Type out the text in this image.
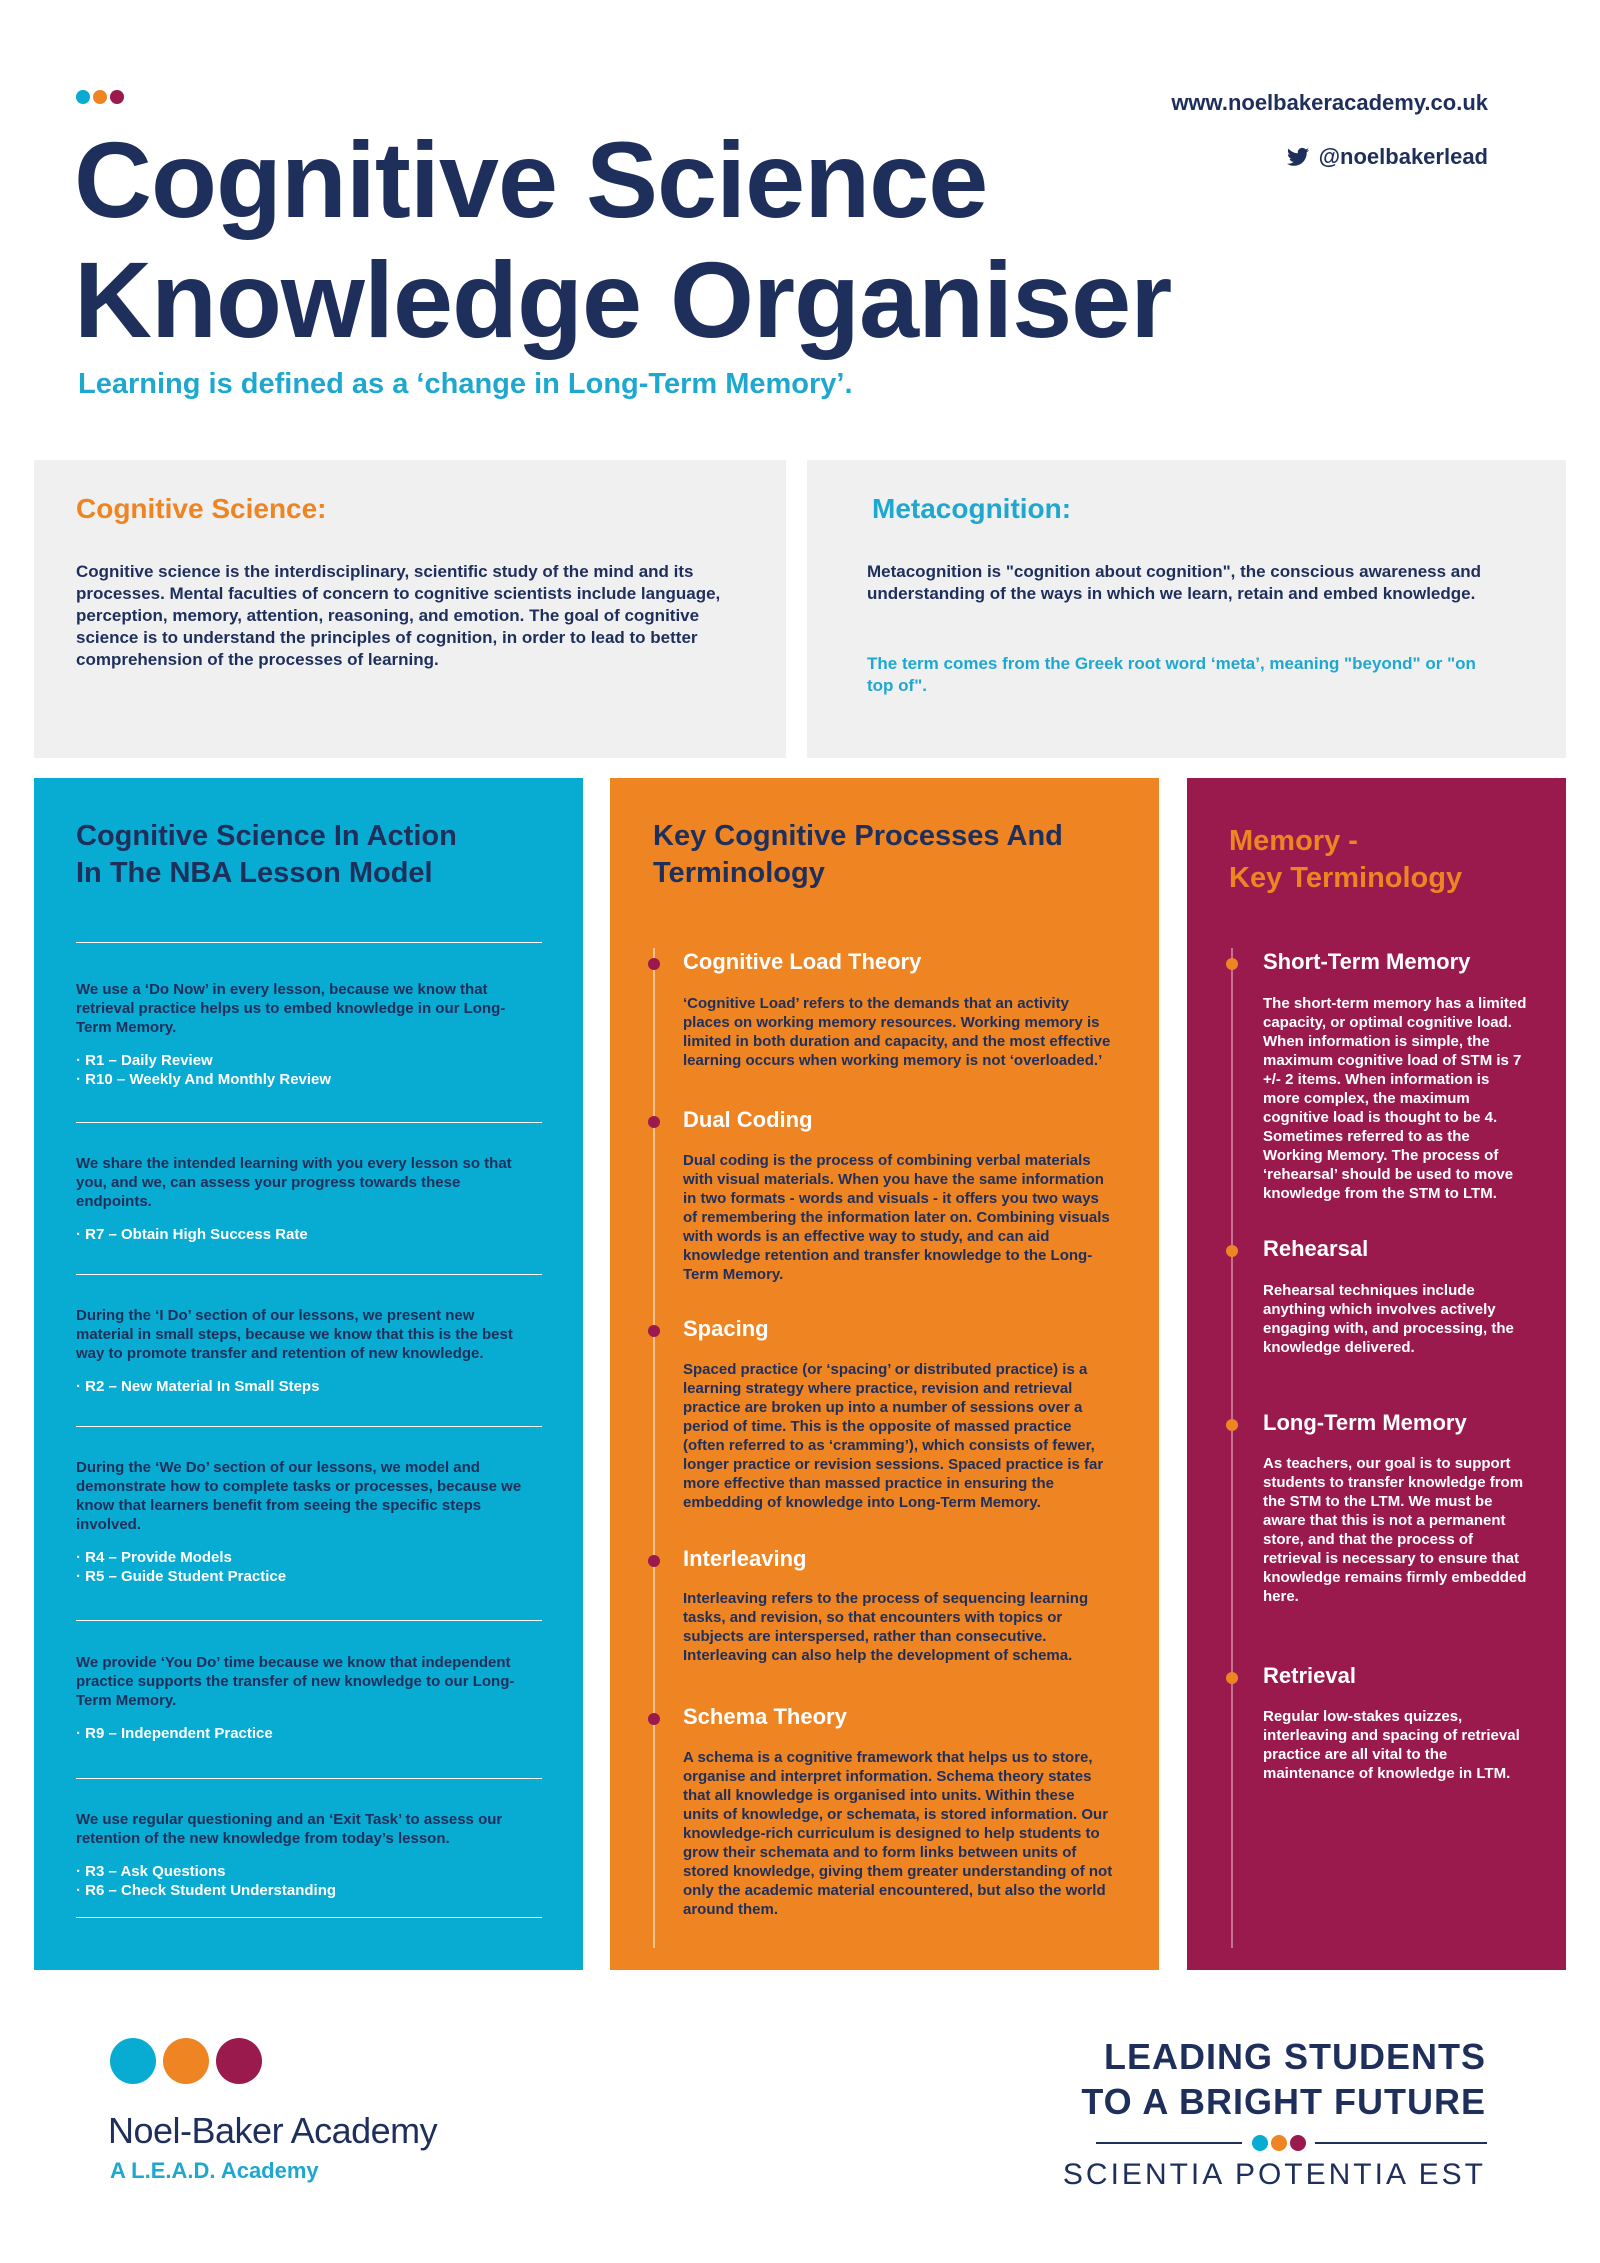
Cognitive Science
Knowledge Organiser
Learning is defined as a ‘change in Long-Term Memory’.
www.noelbakeracademy.co.uk
@noelbakerlead
Cognitive Science:

Cognitive science is the interdisciplinary, scientific study of the mind and its processes. Mental faculties of concern to cognitive scientists include language, perception, memory, attention, reasoning, and emotion. The goal of cognitive science is to understand the principles of cognition, in order to lead to better comprehension of the processes of learning.

Metacognition:

Metacognition is "cognition about cognition", the conscious awareness and understanding of the ways in which we learn, retain and embed knowledge.

The term comes from the Greek root word ‘meta’, meaning "beyond" or "on top of".

Cognitive Science In Action
In The NBA Lesson Model

We use a ‘Do Now’ in every lesson, because we know that retrieval practice helps us to embed knowledge in our Long-Term Memory.

· R1 – Daily Review
· R10 – Weekly And Monthly Review

We share the intended learning with you every lesson so that you, and we, can assess your progress towards these endpoints.

· R7 – Obtain High Success Rate

During the ‘I Do’ section of our lessons, we present new material in small steps, because we know that this is the best way to promote transfer and retention of new knowledge.

· R2 – New Material In Small Steps

During the ‘We Do’ section of our lessons, we model and demonstrate how to complete tasks or processes, because we know that learners benefit from seeing the specific steps involved.

· R4 – Provide Models
· R5 – Guide Student Practice

We provide ‘You Do’ time because we know that independent practice supports the transfer of new knowledge to our Long-Term Memory.

· R9 – Independent Practice

We use regular questioning and an ‘Exit Task’ to assess our retention of the new knowledge from today’s lesson.

· R3 – Ask Questions
· R6 – Check Student Understanding
Key Cognitive Processes And
Terminology
Cognitive Load Theory

‘Cognitive Load’ refers to the demands that an activity places on working memory resources. Working memory is limited in both duration and capacity, and the most effective learning occurs when working memory is not ‘overloaded.’

Dual Coding

Dual coding is the process of combining verbal materials with visual materials. When you have the same information in two formats - words and visuals - it offers you two ways of remembering the information later on. Combining visuals with words is an effective way to study, and can aid knowledge retention and transfer knowledge to the Long-Term Memory.

Spacing

Spaced practice (or ‘spacing’ or distributed practice) is a learning strategy where practice, revision and retrieval practice are broken up into a number of sessions over a period of time. This is the opposite of massed practice (often referred to as ‘cramming’), which consists of fewer, longer practice or revision sessions. Spaced practice is far more effective than massed practice in ensuring the embedding of knowledge into Long-Term Memory.

Interleaving

Interleaving refers to the process of sequencing learning tasks, and revision, so that encounters with topics or subjects are interspersed, rather than consecutive. Interleaving can also help the development of schema.

Schema Theory

A schema is a cognitive framework that helps us to store, organise and interpret information. Schema theory states that all knowledge is organised into units. Within these units of knowledge, or schemata, is stored information. Our knowledge-rich curriculum is designed to help students to grow their schemata and to form links between units of stored knowledge, giving them greater understanding of not only the academic material encountered, but also the world around them.

Memory -
Key Terminology
Short-Term Memory

The short-term memory has a limited capacity, or optimal cognitive load. When information is simple, the maximum cognitive load of STM is 7 +/- 2 items. When information is more complex, the maximum cognitive load is thought to be 4. Sometimes referred to as the Working Memory. The process of ‘rehearsal’ should be used to move knowledge from the STM to LTM.

Rehearsal

Rehearsal techniques include anything which involves actively engaging with, and processing, the knowledge delivered.

Long-Term Memory

As teachers, our goal is to support students to transfer knowledge from the STM to the LTM. We must be aware that this is not a permanent store, and that the process of retrieval is necessary to ensure that knowledge remains firmly embedded here.

Retrieval

Regular low-stakes quizzes, interleaving and spacing of retrieval practice are all vital to the maintenance of knowledge in LTM.

Noel-Baker Academy
A L.E.A.D. Academy
LEADING STUDENTS
TO A BRIGHT FUTURE
SCIENTIA POTENTIA EST
